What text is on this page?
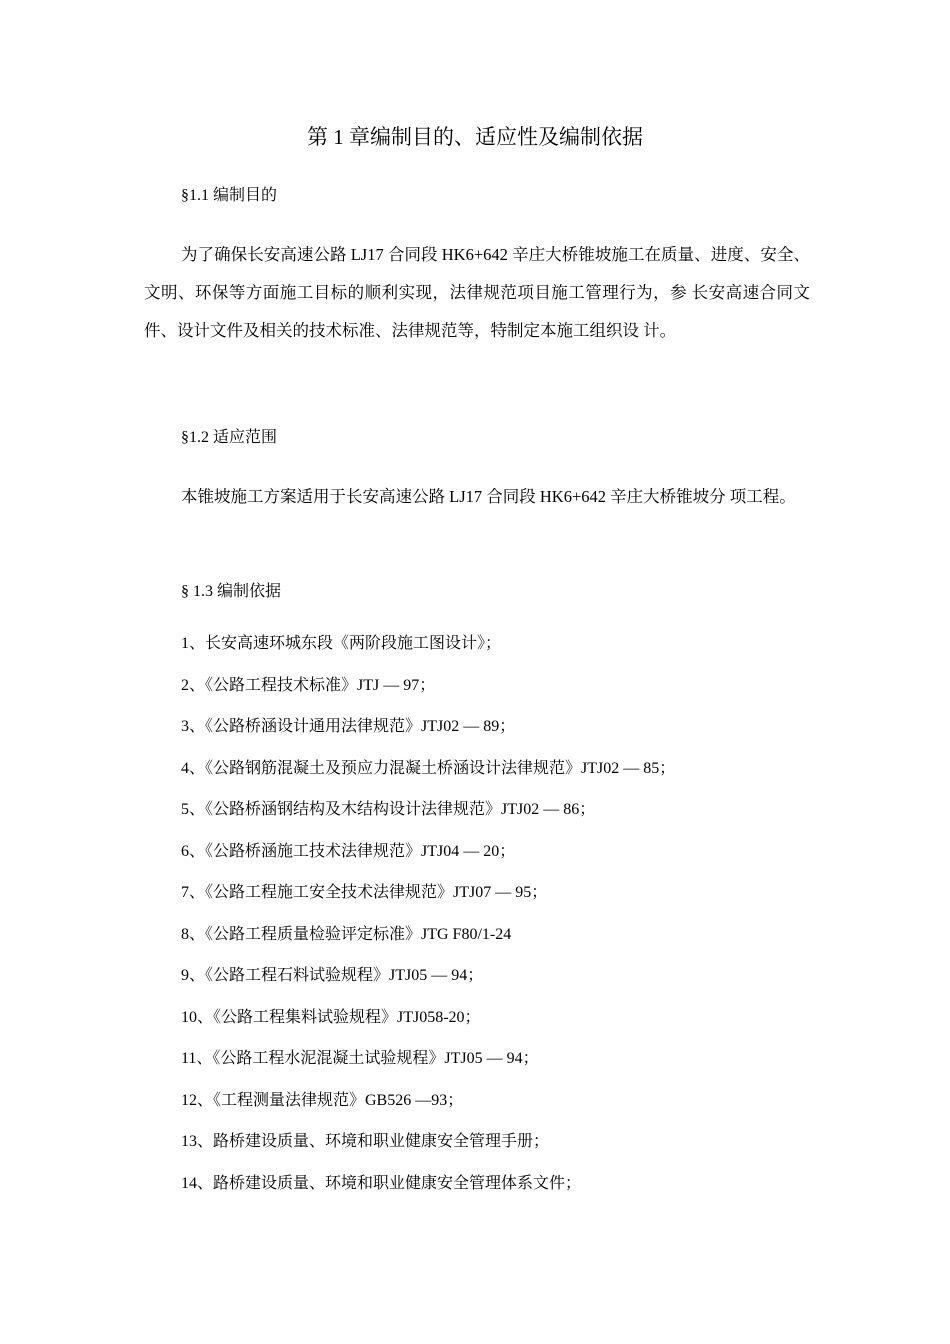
第 1 章编制目的、适应性及编制依据
§1.1 编制目的
为了确保长安高速公路 LJ17 合同段 HK6+642 辛庄大桥锥坡施工在质量、进度、安全、文明、环保等方面施工目标的顺利实现，法律规范项目施工管理行为，参 长安高速合同文件、设计文件及相关的技术标准、法律规范等，特制定本施工组织设 计。
§1.2 适应范围
本锥坡施工方案适用于长安高速公路 LJ17 合同段 HK6+642 辛庄大桥锥坡分 项工程。
§ 1.3 编制依据
1、长安高速环城东段《两阶段施工图设计》；
2、《公路工程技术标准》JTJ — 97；
3、《公路桥涵设计通用法律规范》JTJ02 — 89；
4、《公路钢筋混凝土及预应力混凝土桥涵设计法律规范》JTJ02 — 85；
5、《公路桥涵钢结构及木结构设计法律规范》JTJ02 — 86；
6、《公路桥涵施工技术法律规范》JTJ04 — 20；
7、《公路工程施工安全技术法律规范》JTJ07 — 95；
8、《公路工程质量检验评定标准》JTG F80/1-24
9、《公路工程石料试验规程》JTJ05 — 94；
10、《公路工程集料试验规程》JTJ058-20；
11、《公路工程水泥混凝土试验规程》JTJ05 — 94；
12、《工程测量法律规范》GB526 —93；
13、路桥建设质量、环境和职业健康安全管理手册；
14、路桥建设质量、环境和职业健康安全管理体系文件；
